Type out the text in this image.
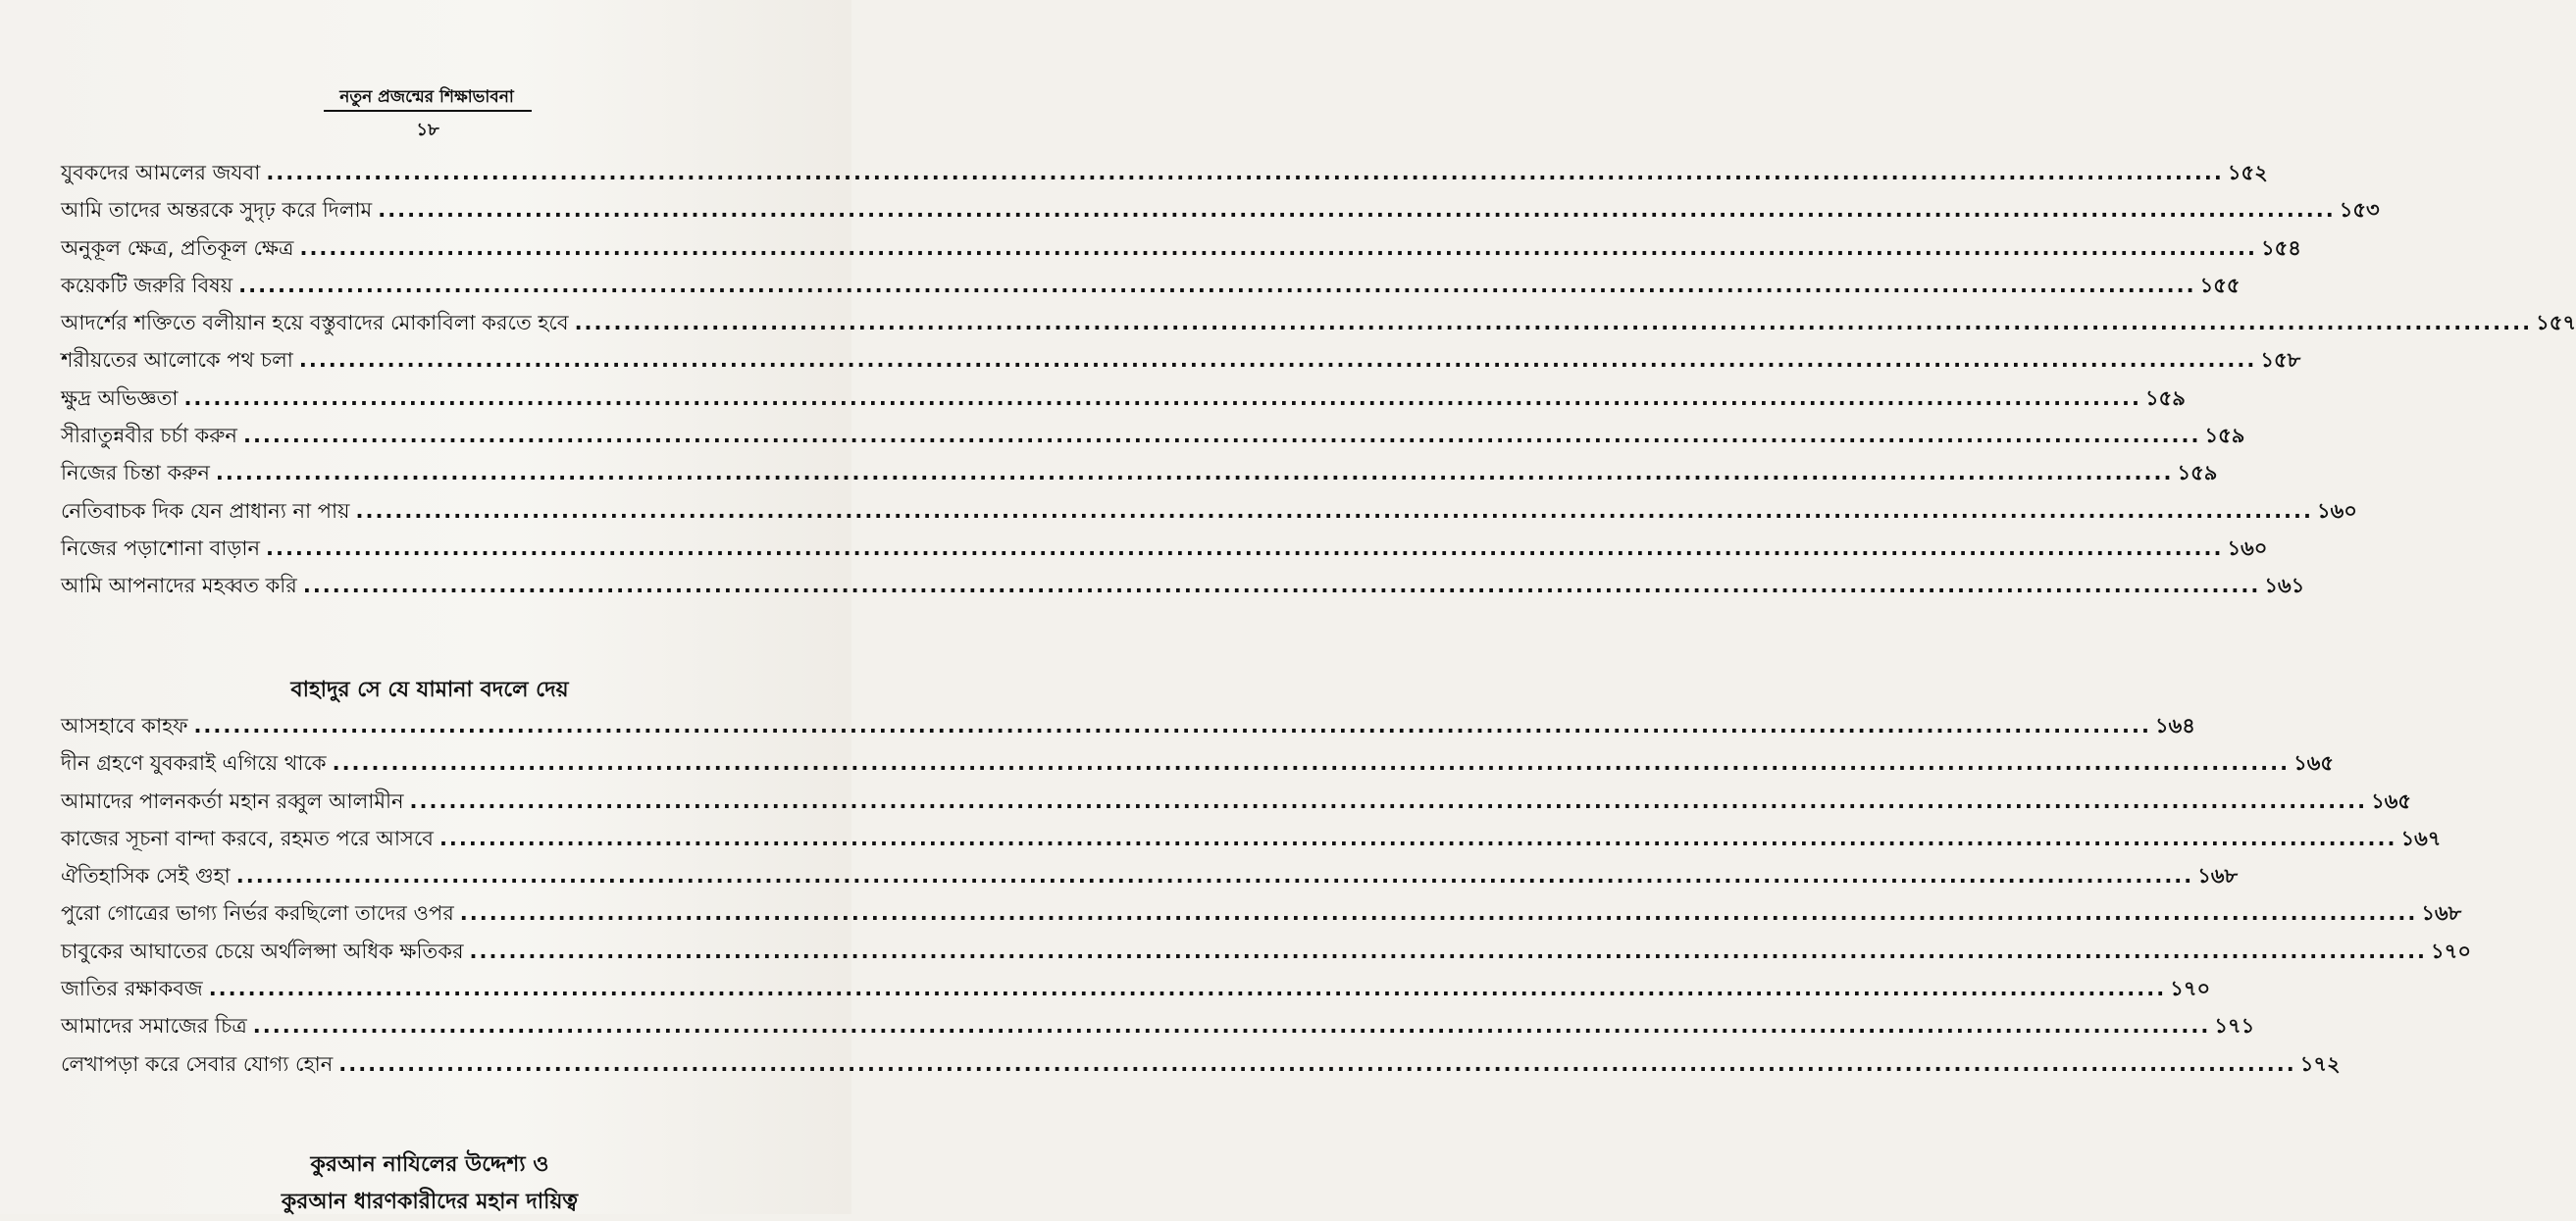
নতুন প্রজন্মের শিক্ষাভাবনা
১৮
যুবকদের আমলের জযবা ........................................................................................................................................................................................................ ১৫২
আমি তাদের অন্তরকে সুদৃঢ় করে দিলাম ........................................................................................................................................................................................................ ১৫৩
অনুকূল ক্ষেত্র, প্রতিকূল ক্ষেত্র ........................................................................................................................................................................................................ ১৫৪
কয়েকটি জরুরি বিষয় ........................................................................................................................................................................................................ ১৫৫
আদর্শের শক্তিতে বলীয়ান হয়ে বস্তুবাদের মোকাবিলা করতে হবে ........................................................................................................................................................................................................ ১৫৭
শরীয়তের আলোকে পথ চলা ........................................................................................................................................................................................................ ১৫৮
ক্ষুদ্র অভিজ্ঞতা ........................................................................................................................................................................................................ ১৫৯
সীরাতুন্নবীর চর্চা করুন ........................................................................................................................................................................................................ ১৫৯
নিজের চিন্তা করুন ........................................................................................................................................................................................................ ১৫৯
নেতিবাচক দিক যেন প্রাধান্য না পায় ........................................................................................................................................................................................................ ১৬০
নিজের পড়াশোনা বাড়ান ........................................................................................................................................................................................................ ১৬০
আমি আপনাদের মহব্বত করি ........................................................................................................................................................................................................ ১৬১
বাহাদুর সে যে যামানা বদলে দেয়
আসহাবে কাহফ ........................................................................................................................................................................................................ ১৬৪
দীন গ্রহণে যুবকরাই এগিয়ে থাকে ........................................................................................................................................................................................................ ১৬৫
আমাদের পালনকর্তা মহান রব্বুল আলামীন ........................................................................................................................................................................................................ ১৬৫
কাজের সূচনা বান্দা করবে, রহমত পরে আসবে ........................................................................................................................................................................................................ ১৬৭
ঐতিহাসিক সেই গুহা ........................................................................................................................................................................................................ ১৬৮
পুরো গোত্রের ভাগ্য নির্ভর করছিলো তাদের ওপর ........................................................................................................................................................................................................ ১৬৮
চাবুকের আঘাতের চেয়ে অর্থলিপ্সা অধিক ক্ষতিকর ........................................................................................................................................................................................................ ১৭০
জাতির রক্ষাকবজ ........................................................................................................................................................................................................ ১৭০
আমাদের সমাজের চিত্র ........................................................................................................................................................................................................ ১৭১
লেখাপড়া করে সেবার যোগ্য হোন ........................................................................................................................................................................................................ ১৭২
কুরআন নাযিলের উদ্দেশ্য ও
কুরআন ধারণকারীদের মহান দায়িত্ব
